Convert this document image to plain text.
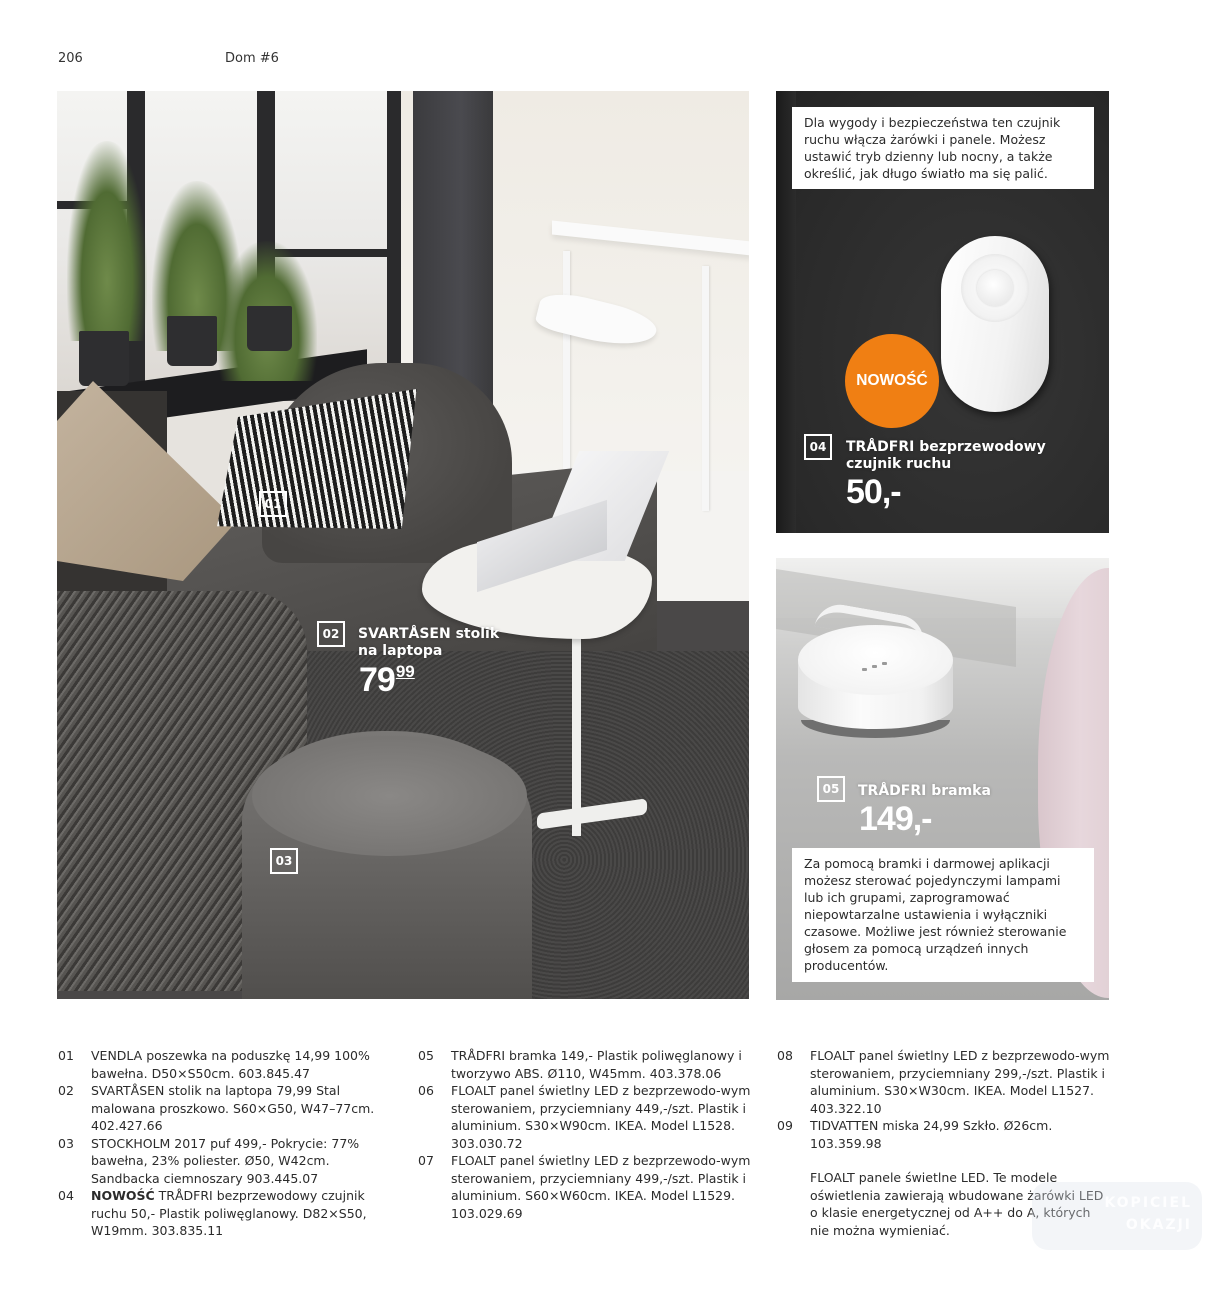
206	Dom #6
01
02	SVARTÅSEN stolik
na laptopa
7999
03
Dla wygody i bezpieczeństwa ten czujnik ruchu włącza żarówki i panele. Możesz ustawić tryb dzienny lub nocny, a także określić, jak długo światło ma się palić.
NOWOŚĆ
04	TRÅDFRI bezprzewodowy
czujnik ruchu
50,-
05	TRÅDFRI bramka
149,-
Za pomocą bramki i darmowej aplikacji możesz sterować pojedynczymi lampami lub ich grupami, zaprogramować niepowtarzalne ustawienia i wyłączniki czasowe. Możliwe jest również sterowanie głosem za pomocą urządzeń innych producentów.
01	VENDLA poszewka na poduszkę 14,99 100% bawełna. D50×S50cm. 603.845.47
02	SVARTÅSEN stolik na laptopa 79,99 Stal malowana proszkowo. S60×G50, W47–77cm. 402.427.66
03	STOCKHOLM 2017 puf 499,- Pokrycie: 77% bawełna, 23% poliester. Ø50, W42cm. Sandbacka ciemnoszary 903.445.07
04	NOWOŚĆ TRÅDFRI bezprzewodowy czujnik ruchu 50,- Plastik poliwęglanowy. D82×S50, W19mm. 303.835.11
05	TRÅDFRI bramka 149,- Plastik poliwęglanowy i tworzywo ABS. Ø110, W45mm. 403.378.06
06	FLOALT panel świetlny LED z bezprzewodo-wym sterowaniem, przyciemniany 449,-/szt. Plastik i aluminium. S30×W90cm. IKEA. Model L1528. 303.030.72
07	FLOALT panel świetlny LED z bezprzewodo-wym sterowaniem, przyciemniany 499,-/szt. Plastik i aluminium. S60×W60cm. IKEA. Model L1529. 103.029.69
08	FLOALT panel świetlny LED z bezprzewodo-wym sterowaniem, przyciemniany 299,-/szt. Plastik i aluminium. S30×W30cm. IKEA. Model L1527. 403.322.10
09	TIDVATTEN miska 24,99 Szkło. Ø26cm. 103.359.98
FLOALT panele świetlne LED. Te modele oświetlenia zawierają wbudowane żarówki LED o klasie energetycznej od A++ do A, których nie można wymieniać.
KOPICIEL
OKAZJI
